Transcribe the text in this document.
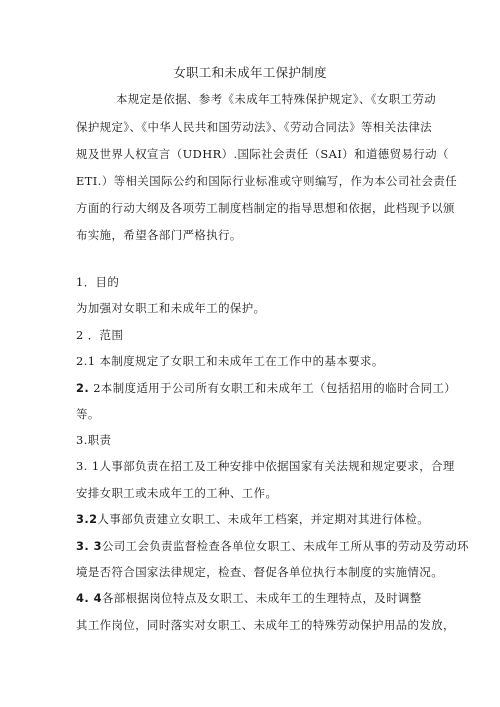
女职工和未成年工保护制度
本规定是依据、参考《未成年工特殊保护规定》、《女职工劳动
保护规定》、《中华人民共和国劳动法》、《劳动合同法》等相关法律法
规及世界人权宣言（UDHR）.国际社会责任（SAI）和道德贸易行动（
ETI.）等相关国际公约和国际行业标准或守则编写，作为本公司社会责任
方面的行动大纲及各项劳工制度档制定的指导思想和依据，此档现予以颁
布实施，希望各部门严格执行。
1．目的
为加强对女职工和未成年工的保护。
2 ．范围
2.1 本制度规定了女职工和未成年工在工作中的基本要求。
2. 2本制度适用于公司所有女职工和未成年工（包括招用的临时合同工）
等。
3.职责
3. 1人事部负责在招工及工种安排中依据国家有关法规和规定要求，合理
安排女职工或未成年工的工种、工作。
3.2人事部负责建立女职工、未成年工档案，并定期对其进行体检。
3. 3公司工会负责监督检查各单位女职工、未成年工所从事的劳动及劳动环
境是否符合国家法律规定，检查、督促各单位执行本制度的实施情况。
4. 4各部根据岗位特点及女职工、未成年工的生理特点，及时调整
其工作岗位，同时落实对女职工、未成年工的特殊劳动保护用品的发放，
